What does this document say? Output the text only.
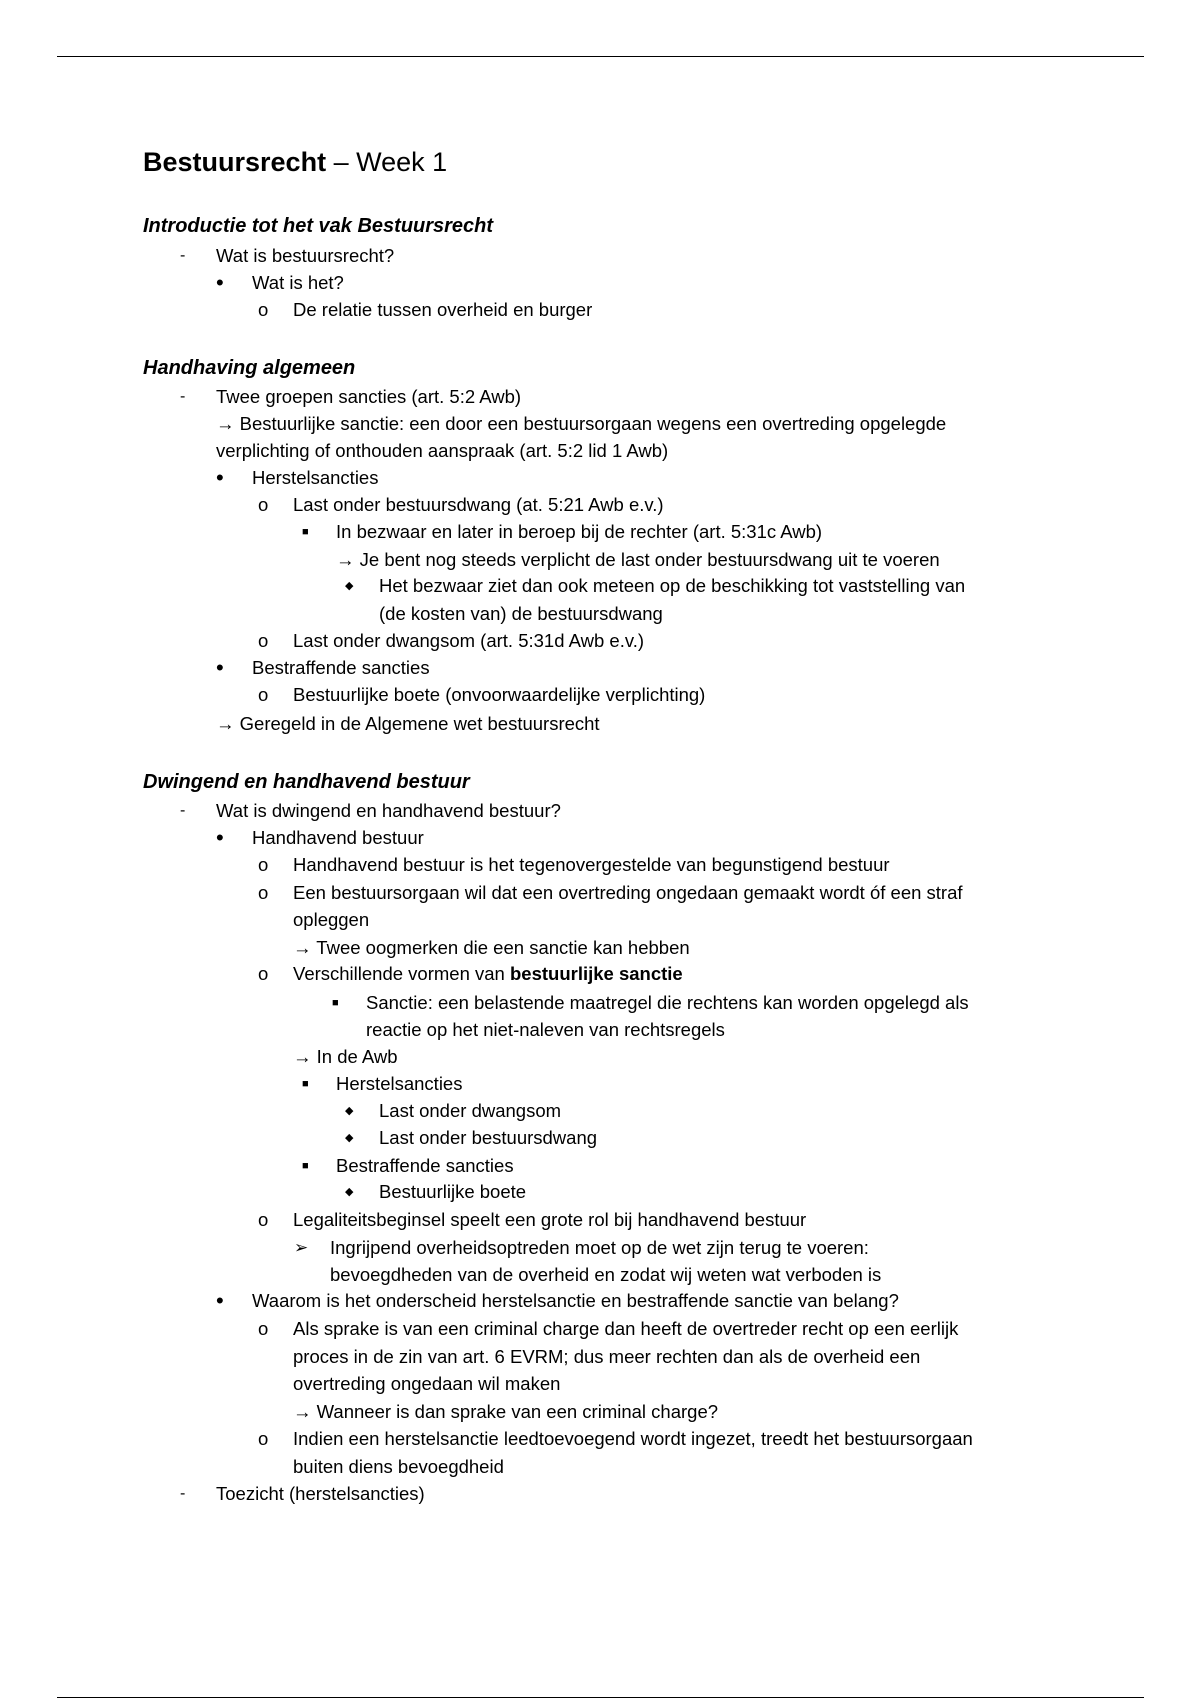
Bestuursrecht – Week 1
Introductie tot het vak Bestuursrecht
- Wat is bestuursrecht?
• Wat is het?
o De relatie tussen overheid en burger
Handhaving algemeen
- Twee groepen sancties (art. 5:2 Awb)
→ Bestuurlijke sanctie: een door een bestuursorgaan wegens een overtreding opgelegde
verplichting of onthouden aanspraak (art. 5:2 lid 1 Awb)
• Herstelsancties
o Last onder bestuursdwang (at. 5:21 Awb e.v.)
■ In bezwaar en later in beroep bij de rechter (art. 5:31c Awb)
→ Je bent nog steeds verplicht de last onder bestuursdwang uit te voeren
◆ Het bezwaar ziet dan ook meteen op de beschikking tot vaststelling van
(de kosten van) de bestuursdwang
o Last onder dwangsom (art. 5:31d Awb e.v.)
• Bestraffende sancties
o Bestuurlijke boete (onvoorwaardelijke verplichting)
→ Geregeld in de Algemene wet bestuursrecht
Dwingend en handhavend bestuur
- Wat is dwingend en handhavend bestuur?
• Handhavend bestuur
o Handhavend bestuur is het tegenovergestelde van begunstigend bestuur
o Een bestuursorgaan wil dat een overtreding ongedaan gemaakt wordt óf een straf
opleggen
→ Twee oogmerken die een sanctie kan hebben
o Verschillende vormen van bestuurlijke sanctie
■ Sanctie: een belastende maatregel die rechtens kan worden opgelegd als
reactie op het niet-naleven van rechtsregels
→ In de Awb
■ Herstelsancties
◆ Last onder dwangsom
◆ Last onder bestuursdwang
■ Bestraffende sancties
◆ Bestuurlijke boete
o Legaliteitsbeginsel speelt een grote rol bij handhavend bestuur
➢ Ingrijpend overheidsoptreden moet op de wet zijn terug te voeren:
bevoegdheden van de overheid en zodat wij weten wat verboden is
• Waarom is het onderscheid herstelsanctie en bestraffende sanctie van belang?
o Als sprake is van een criminal charge dan heeft de overtreder recht op een eerlijk
proces in de zin van art. 6 EVRM; dus meer rechten dan als de overheid een
overtreding ongedaan wil maken
→ Wanneer is dan sprake van een criminal charge?
o Indien een herstelsanctie leedtoevoegend wordt ingezet, treedt het bestuursorgaan
buiten diens bevoegdheid
- Toezicht (herstelsancties)
